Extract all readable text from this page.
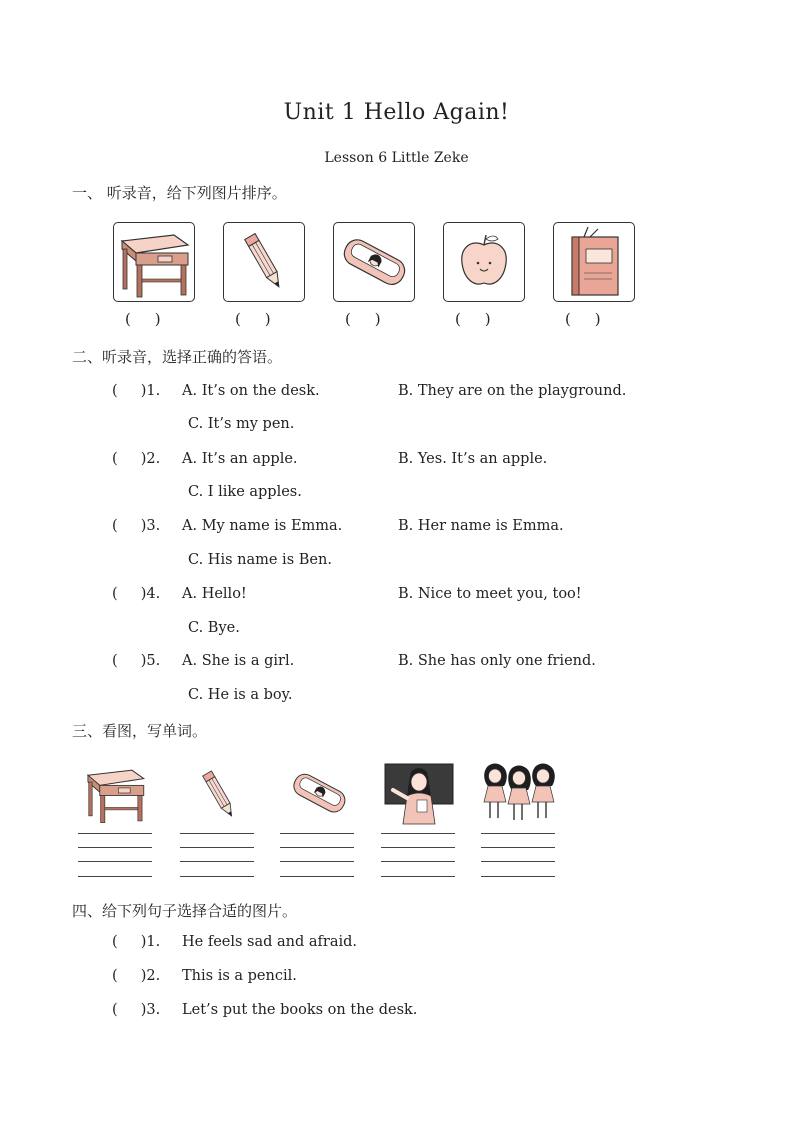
Unit 1 Hello Again!
Lesson 6 Little Zeke
一、 听录音，给下列图片排序。
(     )	(     )	(     )	(     )	(     )
二、听录音，选择正确的答语。
(     )1. A. It’s on the desk.	B. They are on the playground.
C. It’s my pen.
(     )2. A. It’s an apple.	B. Yes. It’s an apple.
C. I like apples.
(     )3. A. My name is Emma.	B. Her name is Emma.
C. His name is Ben.
(     )4. A. Hello!	B. Nice to meet you, too!
C. Bye.
(     )5. A. She is a girl.	B. She has only one friend.
C. He is a boy.
三、看图，写单词。
四、给下列句子选择合适的图片。
(     )1. He feels sad and afraid.
(     )2. This is a pencil.
(     )3. Let’s put the books on the desk.
